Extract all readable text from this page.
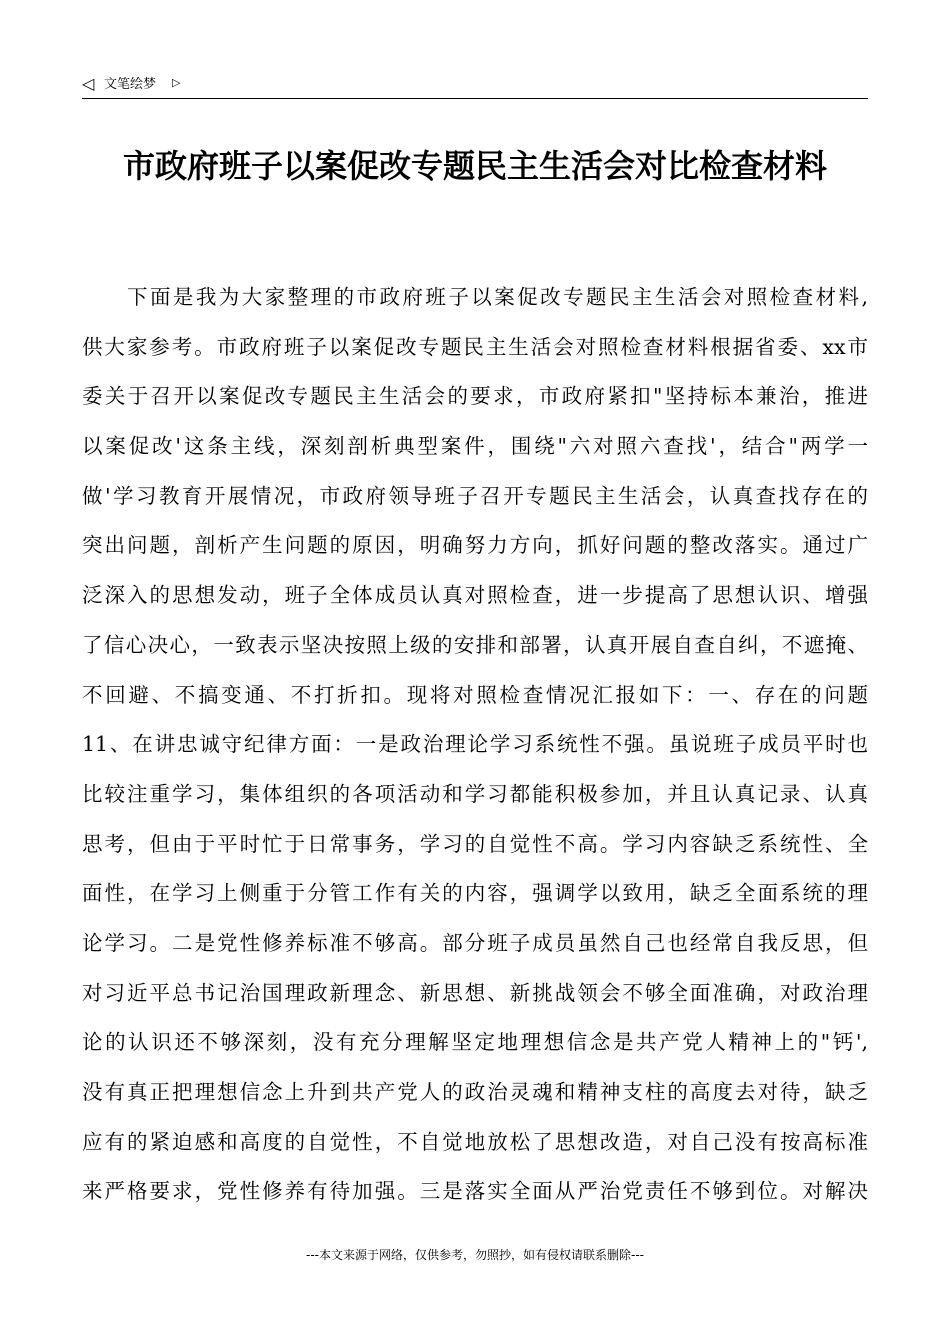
◁ 文笔绘梦 ▷
市政府班子以案促改专题民主生活会对比检查材料
下面是我为大家整理的市政府班子以案促改专题民主生活会对照检查材料,
供大家参考。市政府班子以案促改专题民主生活会对照检查材料根据省委、xx市
委关于召开以案促改专题民主生活会的要求，市政府紧扣"坚持标本兼治，推进
以案促改'这条主线，深刻剖析典型案件，围绕"六对照六查找'，结合"两学一
做'学习教育开展情况，市政府领导班子召开专题民主生活会，认真查找存在的
突出问题，剖析产生问题的原因，明确努力方向，抓好问题的整改落实。通过广
泛深入的思想发动，班子全体成员认真对照检查，进一步提高了思想认识、增强
了信心决心，一致表示坚决按照上级的安排和部署，认真开展自查自纠，不遮掩、
不回避、不搞变通、不打折扣。现将对照检查情况汇报如下：一、存在的问题
11、在讲忠诚守纪律方面：一是政治理论学习系统性不强。虽说班子成员平时也
比较注重学习，集体组织的各项活动和学习都能积极参加，并且认真记录、认真
思考，但由于平时忙于日常事务，学习的自觉性不高。学习内容缺乏系统性、全
面性，在学习上侧重于分管工作有关的内容，强调学以致用，缺乏全面系统的理
论学习。二是党性修养标准不够高。部分班子成员虽然自己也经常自我反思，但
对习近平总书记治国理政新理念、新思想、新挑战领会不够全面准确，对政治理
论的认识还不够深刻，没有充分理解坚定地理想信念是共产党人精神上的"钙',
没有真正把理想信念上升到共产党人的政治灵魂和精神支柱的高度去对待，缺乏
应有的紧迫感和高度的自觉性，不自觉地放松了思想改造，对自己没有按高标准
来严格要求，党性修养有待加强。三是落实全面从严治党责任不够到位。对解决
---本文来源于网络，仅供参考，勿照抄，如有侵权请联系删除---
